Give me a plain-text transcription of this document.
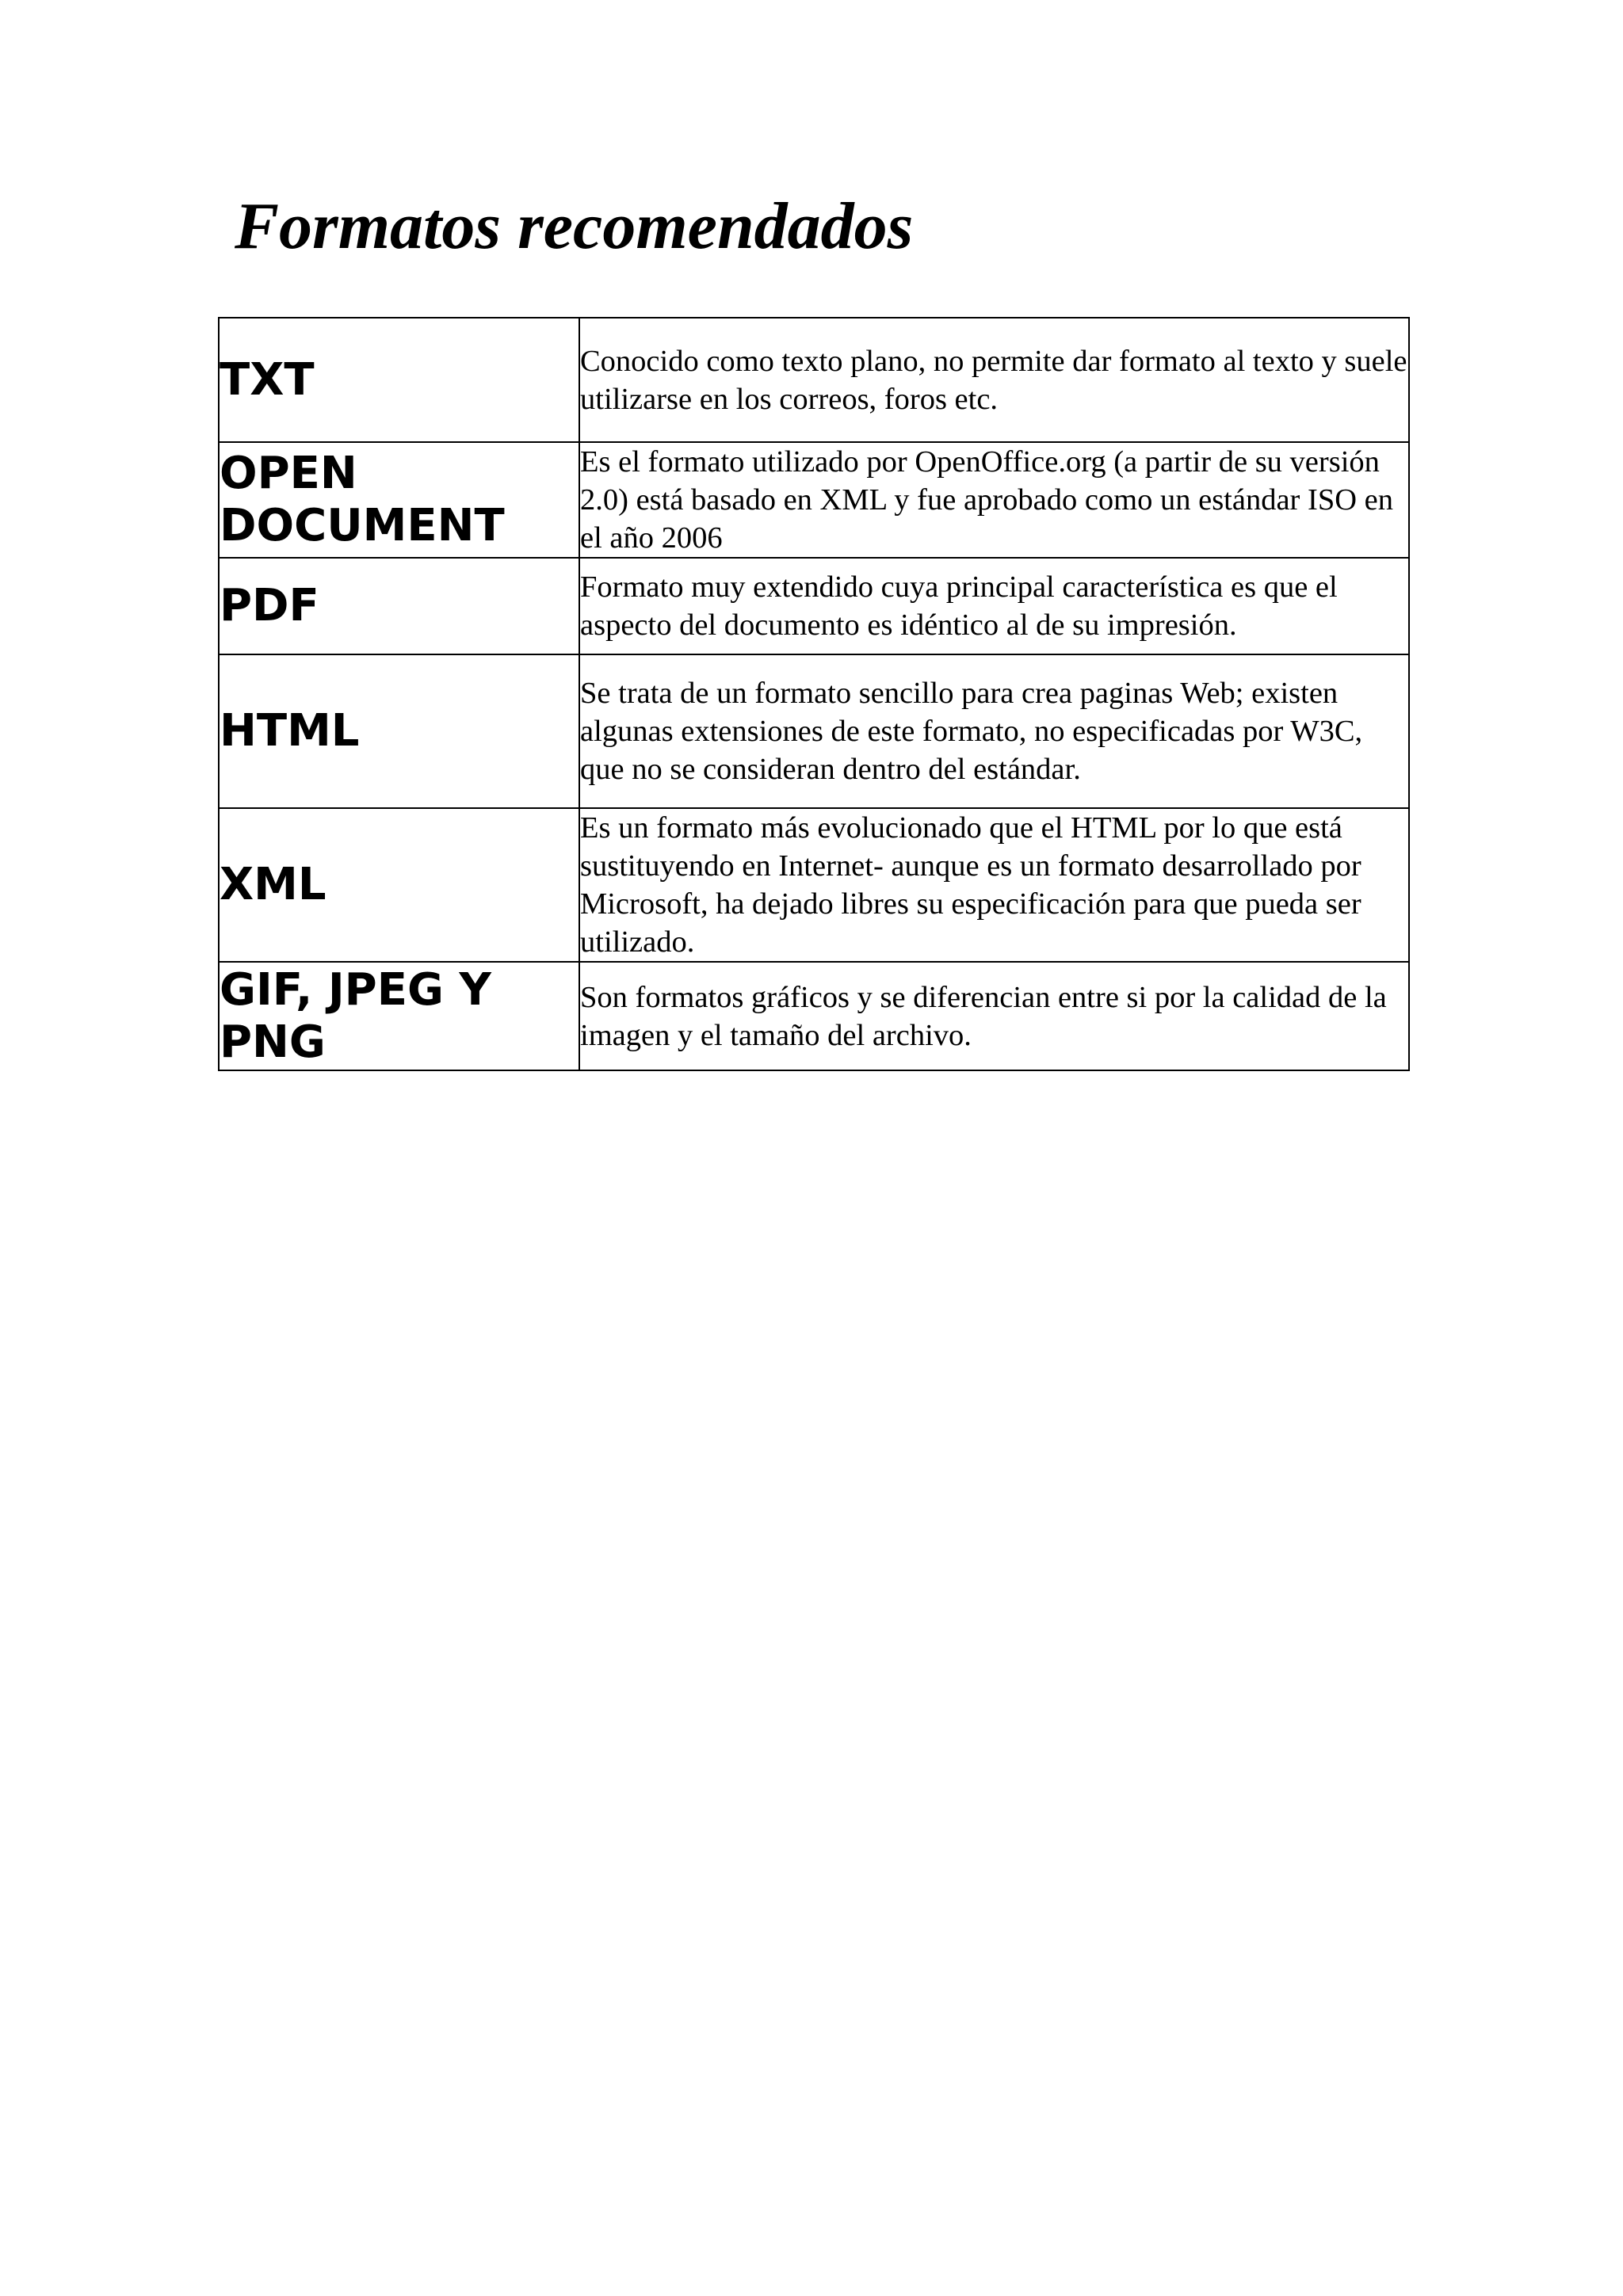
Formatos recomendados
TXT	Conocido como texto plano, no permite dar formato al texto y suele utilizarse en los correos, foros etc.
OPEN DOCUMENT	Es el formato utilizado por OpenOffice.org (a partir de su versión 2.0) está basado en XML y fue aprobado como un estándar ISO en el año 2006
PDF	Formato muy extendido cuya principal característica es que el aspecto del documento es idéntico al de su impresión.
HTML	Se trata de un formato sencillo para crea paginas Web; existen algunas extensiones de este formato, no especificadas por W3C, que no se consideran dentro del estándar.
XML	Es un formato más evolucionado que el HTML por lo que está sustituyendo en Internet- aunque es un formato desarrollado por Microsoft, ha dejado libres su especificación para que pueda ser utilizado.
GIF, JPEG Y PNG	Son formatos gráficos y se diferencian entre si por la calidad de la imagen y el tamaño del archivo.
